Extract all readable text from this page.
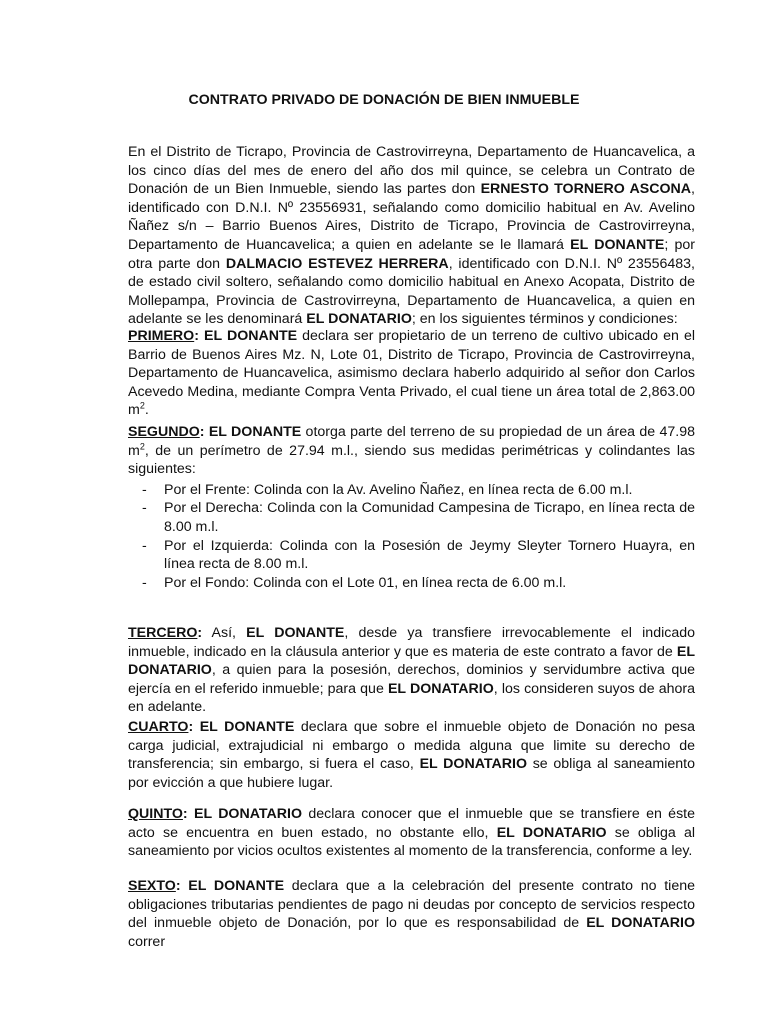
CONTRATO PRIVADO DE DONACIÓN DE BIEN INMUEBLE
En el Distrito de Ticrapo, Provincia de Castrovirreyna, Departamento de Huancavelica, a los cinco días del mes de enero del año dos mil quince, se celebra un Contrato de Donación de un Bien Inmueble, siendo las partes don ERNESTO TORNERO ASCONA, identificado con D.N.I. Nº 23556931, señalando como domicilio habitual en Av. Avelino Ñañez s/n – Barrio Buenos Aires, Distrito de Ticrapo, Provincia de Castrovirreyna, Departamento de Huancavelica; a quien en adelante se le llamará EL DONANTE; por otra parte don DALMACIO ESTEVEZ HERRERA, identificado con D.N.I. Nº 23556483, de estado civil soltero, señalando como domicilio habitual en Anexo Acopata, Distrito de Mollepampa, Provincia de Castrovirreyna, Departamento de Huancavelica, a quien en adelante se les denominará EL DONATARIO; en los siguientes términos y condiciones:
PRIMERO: EL DONANTE declara ser propietario de un terreno de cultivo ubicado en el Barrio de Buenos Aires Mz. N, Lote 01, Distrito de Ticrapo, Provincia de Castrovirreyna, Departamento de Huancavelica, asimismo declara haberlo adquirido al señor don Carlos Acevedo Medina, mediante Compra Venta Privado, el cual tiene un área total de 2,863.00 $m^2$.
SEGUNDO: EL DONANTE otorga parte del terreno de su propiedad de un área de 47.98 $m^2$, de un perímetro de 27.94 m.l., siendo sus medidas perimétricas y colindantes las siguientes:
- Por el Frente: Colinda con la Av. Avelino Ñañez, en línea recta de 6.00 m.l.
- Por el Derecha: Colinda con la Comunidad Campesina de Ticrapo, en línea recta de 8.00 m.l.
- Por el Izquierda: Colinda con la Posesión de Jeymy Sleyter Tornero Huayra, en línea recta de 8.00 m.l.
- Por el Fondo: Colinda con el Lote 01, en línea recta de 6.00 m.l.
TERCERO: Así, EL DONANTE, desde ya transfiere irrevocablemente el indicado inmueble, indicado en la cláusula anterior y que es materia de este contrato a favor de EL DONATARIO, a quien para la posesión, derechos, dominios y servidumbre activa que ejercía en el referido inmueble; para que EL DONATARIO, los consideren suyos de ahora en adelante.
CUARTO: EL DONANTE declara que sobre el inmueble objeto de Donación no pesa carga judicial, extrajudicial ni embargo o medida alguna que limite su derecho de transferencia; sin embargo, si fuera el caso, EL DONATARIO se obliga al saneamiento por evicción a que hubiere lugar.
QUINTO: EL DONATARIO declara conocer que el inmueble que se transfiere en éste acto se encuentra en buen estado, no obstante ello, EL DONATARIO se obliga al saneamiento por vicios ocultos existentes al momento de la transferencia, conforme a ley.
SEXTO: EL DONANTE declara que a la celebración del presente contrato no tiene obligaciones tributarias pendientes de pago ni deudas por concepto de servicios respecto del inmueble objeto de Donación, por lo que es responsabilidad de EL DONATARIO correr
